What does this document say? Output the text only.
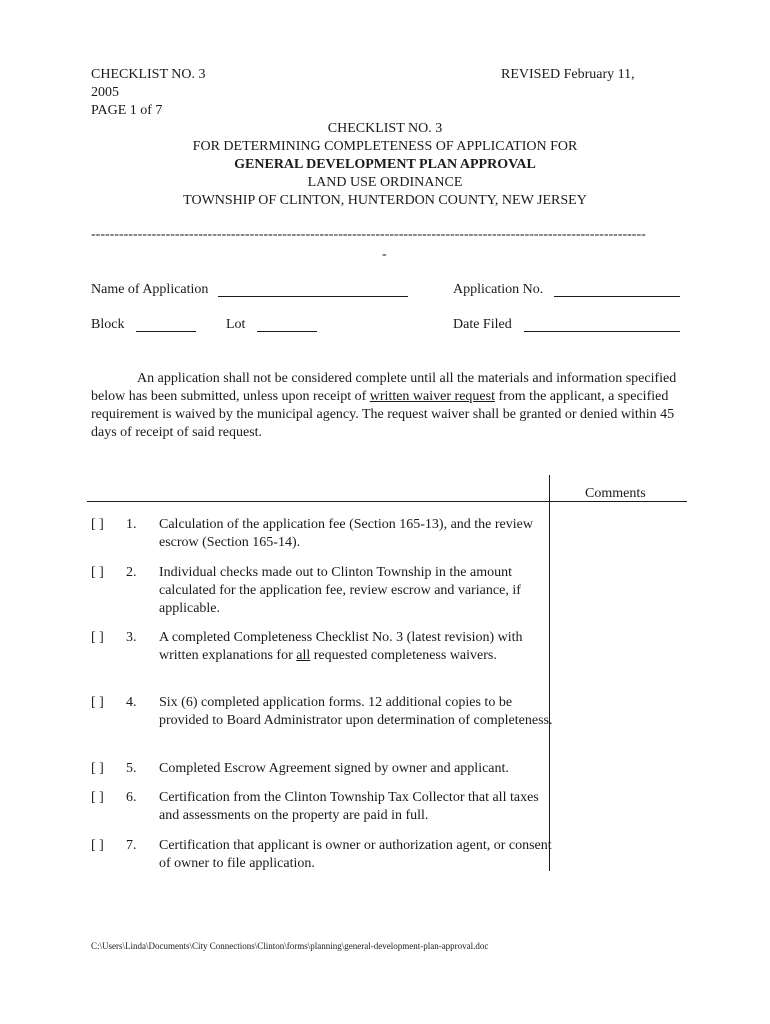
CHECKLIST NO. 3	REVISED February 11,
2005
PAGE 1 of 7
CHECKLIST NO. 3
FOR DETERMINING COMPLETENESS OF APPLICATION FOR
GENERAL DEVELOPMENT PLAN APPROVAL
LAND USE ORDINANCE
TOWNSHIP OF CLINTON, HUNTERDON COUNTY, NEW JERSEY
-----------------------------------------------------------------------------------------------------------------------
-
Name of Application	Application No.
Block	Lot	Date Filed
An application shall not be considered complete until all the materials and information specified below has been submitted, unless upon receipt of written waiver request from the applicant, a specified requirement is waived by the municipal agency. The request waiver shall be granted or denied within 45 days of receipt of said request.
Comments
[ ] 1. Calculation of the application fee (Section 165-13), and the review escrow (Section 165-14).
[ ] 2. Individual checks made out to Clinton Township in the amount calculated for the application fee, review escrow and variance, if applicable.
[ ] 3. A completed Completeness Checklist No. 3 (latest revision) with written explanations for all requested completeness waivers.
[ ] 4. Six (6) completed application forms. 12 additional copies to be provided to Board Administrator upon determination of completeness.
[ ] 5. Completed Escrow Agreement signed by owner and applicant.
[ ] 6. Certification from the Clinton Township Tax Collector that all taxes and assessments on the property are paid in full.
[ ] 7. Certification that applicant is owner or authorization agent, or consent of owner to file application.
C:\Users\Linda\Documents\City Connections\Clinton\forms\planning\general-development-plan-approval.doc
